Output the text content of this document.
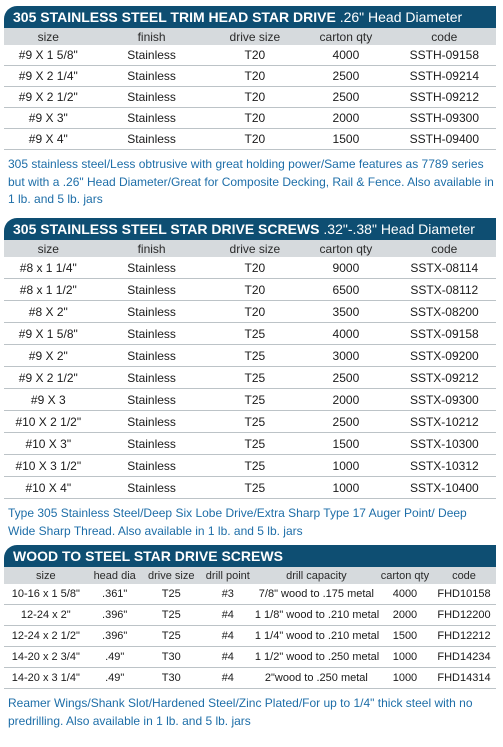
305 STAINLESS STEEL TRIM HEAD STAR DRIVE .26" Head Diameter
size	finish	drive size	carton qty	code
#9 X 1 5/8"	Stainless	T20	4000	SSTH-09158
#9 X 2 1/4"	Stainless	T20	2500	SSTH-09214
#9 X 2 1/2"	Stainless	T20	2500	SSTH-09212
#9 X 3"	Stainless	T20	2000	SSTH-09300
#9 X 4"	Stainless	T20	1500	SSTH-09400
305 stainless steel/Less obtrusive with great holding power/Same features as 7789 series but with a .26" Head Diameter/Great for Composite Decking, Rail & Fence. Also available in 1 lb. and 5 lb. jars
305 STAINLESS STEEL STAR DRIVE SCREWS .32"-.38" Head Diameter
size	finish	drive size	carton qty	code
#8 x 1 1/4"	Stainless	T20	9000	SSTX-08114
#8 x 1 1/2"	Stainless	T20	6500	SSTX-08112
#8 X 2"	Stainless	T20	3500	SSTX-08200
#9 X 1 5/8"	Stainless	T25	4000	SSTX-09158
#9 X 2"	Stainless	T25	3000	SSTX-09200
#9 X 2 1/2"	Stainless	T25	2500	SSTX-09212
#9 X 3	Stainless	T25	2000	SSTX-09300
#10 X 2 1/2"	Stainless	T25	2500	SSTX-10212
#10 X 3"	Stainless	T25	1500	SSTX-10300
#10 X 3 1/2"	Stainless	T25	1000	SSTX-10312
#10 X 4"	Stainless	T25	1000	SSTX-10400
Type 305 Stainless Steel/Deep Six Lobe Drive/Extra Sharp Type 17 Auger Point/ Deep Wide Sharp Thread. Also available in 1 lb. and 5 lb. jars
WOOD TO STEEL STAR DRIVE SCREWS
size	head dia	drive size	drill point	drill capacity	carton qty	code
10-16 x 1 5/8"	.361"	T25	#3	7/8" wood to .175 metal	4000	FHD10158
12-24 x 2"	.396"	T25	#4	1 1/8" wood to .210 metal	2000	FHD12200
12-24 x 2 1/2"	.396"	T25	#4	1 1/4" wood to .210 metal	1500	FHD12212
14-20 x 2 3/4"	.49"	T30	#4	1 1/2" wood to .250 metal	1000	FHD14234
14-20 x 3 1/4"	.49"	T30	#4	2"wood to .250 metal	1000	FHD14314
Reamer Wings/Shank Slot/Hardened Steel/Zinc Plated/For up to 1/4" thick steel with no predrilling. Also available in 1 lb. and 5 lb. jars
